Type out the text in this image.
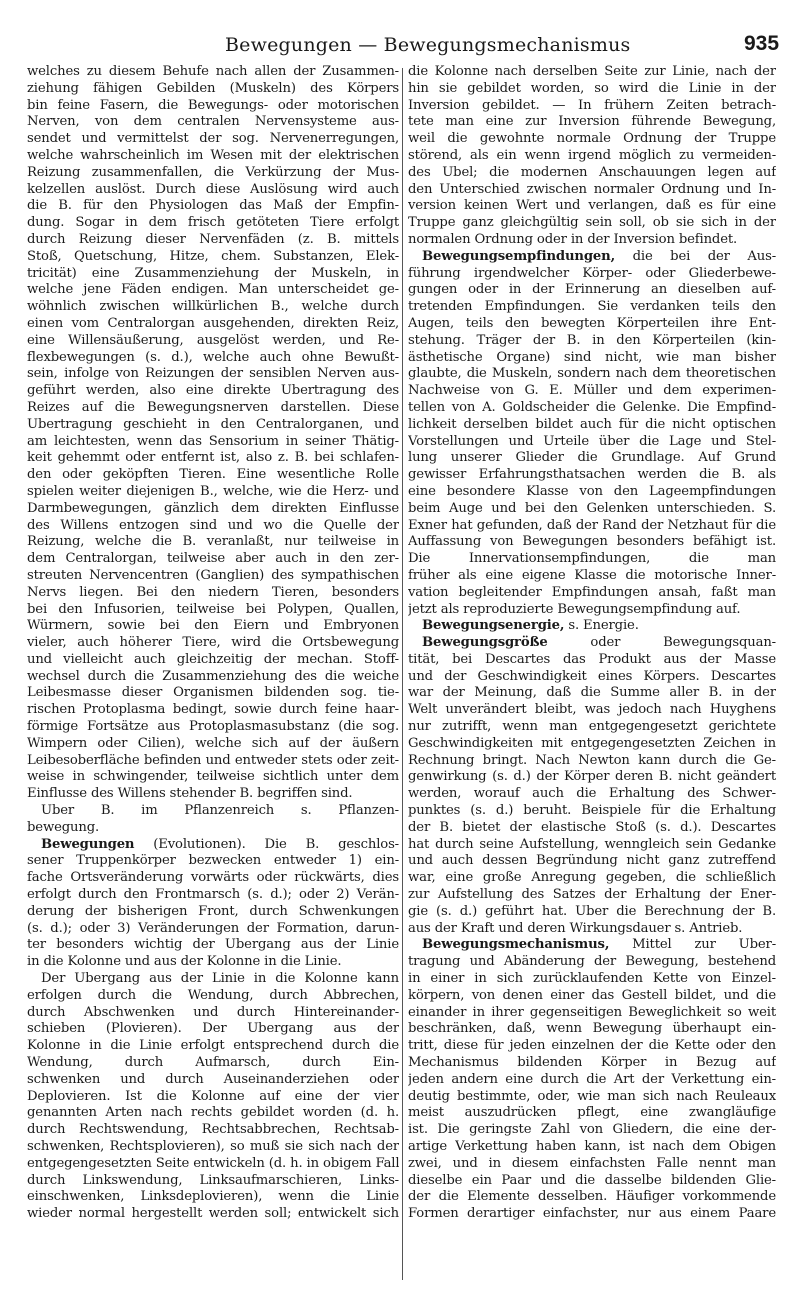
Bewegungen — Bewegungsmechanismus	935
welches zu diesem Behufe nach allen der Zusammen-
ziehung fähigen Gebilden (Muskeln) des Körpers
bin feine Fasern, die Bewegungs- oder motorischen
Nerven, von dem centralen Nervensysteme aus-
sendet und vermittelst der sog. Nervenerregungen,
welche wahrscheinlich im Wesen mit der elektrischen
Reizung zusammenfallen, die Verkürzung der Mus-
kelzellen auslöst. Durch diese Auslösung wird auch
die B. für den Physiologen das Maß der Empfin-
dung. Sogar in dem frisch getöteten Tiere erfolgt
durch Reizung dieser Nervenfäden (z. B. mittels
Stoß, Quetschung, Hitze, chem. Substanzen, Elek-
tricität) eine Zusammenziehung der Muskeln, in
welche jene Fäden endigen. Man unterscheidet ge-
wöhnlich zwischen willkürlichen B., welche durch
einen vom Centralorgan ausgehenden, direkten Reiz,
eine Willensäußerung, ausgelöst werden, und Re-
flexbewegungen (s. d.), welche auch ohne Bewußt-
sein, infolge von Reizungen der sensiblen Nerven aus-
geführt werden, also eine direkte Übertragung des
Reizes auf die Bewegungsnerven darstellen. Diese
Übertragung geschieht in den Centralorganen, und
am leichtesten, wenn das Sensorium in seiner Thätig-
keit gehemmt oder entfernt ist, also z. B. bei schlafen-
den oder geköpften Tieren. Eine wesentliche Rolle
spielen weiter diejenigen B., welche, wie die Herz- und
Darmbewegungen, gänzlich dem direkten Einflusse
des Willens entzogen sind und wo die Quelle der
Reizung, welche die B. veranlaßt, nur teilweise in
dem Centralorgan, teilweise aber auch in den zer-
streuten Nervencentren (Ganglien) des sympathischen
Nervs liegen. Bei den niedern Tieren, besonders
bei den Infusorien, teilweise bei Polypen, Quallen,
Würmern, sowie bei den Eiern und Embryonen
vieler, auch höherer Tiere, wird die Ortsbewegung
und vielleicht auch gleichzeitig der mechan. Stoff-
wechsel durch die Zusammenziehung des die weiche
Leibesmasse dieser Organismen bildenden sog. tie-
rischen Protoplasma bedingt, sowie durch feine haar-
förmige Fortsätze aus Protoplasmasubstanz (die sog.
Wimpern oder Cilien), welche sich auf der äußern
Leibesoberfläche befinden und entweder stets oder zeit-
weise in schwingender, teilweise sichtlich unter dem
Einflusse des Willens stehender B. begriffen sind.
Über B. im Pflanzenreich s. Pflanzen-
bewegung.
Bewegungen (Evolutionen). Die B. geschlos-
sener Truppenkörper bezwecken entweder 1) ein-
fache Ortsveränderung vorwärts oder rückwärts, dies
erfolgt durch den Frontmarsch (s. d.); oder 2) Verän-
derung der bisherigen Front, durch Schwenkungen
(s. d.); oder 3) Veränderungen der Formation, darun-
ter besonders wichtig der Übergang aus der Linie
in die Kolonne und aus der Kolonne in die Linie.
Der Übergang aus der Linie in die Kolonne kann
erfolgen durch die Wendung, durch Abbrechen,
durch Abschwenken und durch Hintereinander-
schieben (Plovieren). Der Übergang aus der
Kolonne in die Linie erfolgt entsprechend durch die
Wendung, durch Aufmarsch, durch Ein-
schwenken und durch Auseinanderziehen oder
Deplovieren. Ist die Kolonne auf eine der vier
genannten Arten nach rechts gebildet worden (d. h.
durch Rechtswendung, Rechtsabbrechen, Rechtsab-
schwenken, Rechtsplovieren), so muß sie sich nach der
entgegengesetzten Seite entwickeln (d. h. in obigem Fall
durch Linkswendung, Linksaufmarschieren, Links-
einschwenken, Linksdeplovieren), wenn die Linie
wieder normal hergestellt werden soll; entwickelt sich
die Kolonne nach derselben Seite zur Linie, nach der
hin sie gebildet worden, so wird die Linie in der
Inversion gebildet. — In frühern Zeiten betrach-
tete man eine zur Inversion führende Bewegung,
weil die gewohnte normale Ordnung der Truppe
störend, als ein wenn irgend möglich zu vermeiden-
des Übel; die modernen Anschauungen legen auf
den Unterschied zwischen normaler Ordnung und In-
version keinen Wert und verlangen, daß es für eine
Truppe ganz gleichgültig sein soll, ob sie sich in der
normalen Ordnung oder in der Inversion befindet.
Bewegungsempfindungen, die bei der Aus-
führung irgendwelcher Körper- oder Gliederbewe-
gungen oder in der Erinnerung an dieselben auf-
tretenden Empfindungen. Sie verdanken teils den
Augen, teils den bewegten Körperteilen ihre Ent-
stehung. Träger der B. in den Körperteilen (kin-
ästhetische Organe) sind nicht, wie man bisher
glaubte, die Muskeln, sondern nach dem theoretischen
Nachweise von G. E. Müller und dem experimen-
tellen von A. Goldscheider die Gelenke. Die Empfind-
lichkeit derselben bildet auch für die nicht optischen
Vorstellungen und Urteile über die Lage und Stel-
lung unserer Glieder die Grundlage. Auf Grund
gewisser Erfahrungsthatsachen werden die B. als
eine besondere Klasse von den Lageempfindungen
beim Auge und bei den Gelenken unterschieden. S.
Exner hat gefunden, daß der Rand der Netzhaut für die
Auffassung von Bewegungen besonders befähigt ist.
Die Innervationsempfindungen, die man
früher als eine eigene Klasse die motorische Inner-
vation begleitender Empfindungen ansah, faßt man
jetzt als reproduzierte Bewegungsempfindung auf.
Bewegungsenergie, s. Energie.
Bewegungsgröße oder Bewegungsquan-
tität, bei Descartes das Produkt aus der Masse
und der Geschwindigkeit eines Körpers. Descartes
war der Meinung, daß die Summe aller B. in der
Welt unverändert bleibt, was jedoch nach Huyghens
nur zutrifft, wenn man entgegengesetzt gerichtete
Geschwindigkeiten mit entgegengesetzten Zeichen in
Rechnung bringt. Nach Newton kann durch die Ge-
genwirkung (s. d.) der Körper deren B. nicht geändert
werden, worauf auch die Erhaltung des Schwer-
punktes (s. d.) beruht. Beispiele für die Erhaltung
der B. bietet der elastische Stoß (s. d.). Descartes
hat durch seine Aufstellung, wenngleich sein Gedanke
und auch dessen Begründung nicht ganz zutreffend
war, eine große Anregung gegeben, die schließlich
zur Aufstellung des Satzes der Erhaltung der Ener-
gie (s. d.) geführt hat. Über die Berechnung der B.
aus der Kraft und deren Wirkungsdauer s. Antrieb.
Bewegungsmechanismus, Mittel zur Über-
tragung und Abänderung der Bewegung, bestehend
in einer in sich zurücklaufenden Kette von Einzel-
körpern, von denen einer das Gestell bildet, und die
einander in ihrer gegenseitigen Beweglichkeit so weit
beschränken, daß, wenn Bewegung überhaupt ein-
tritt, diese für jeden einzelnen der die Kette oder den
Mechanismus bildenden Körper in Bezug auf
jeden andern eine durch die Art der Verkettung ein-
deutig bestimmte, oder, wie man sich nach Reuleaux
meist auszudrücken pflegt, eine zwangläufige
ist. Die geringste Zahl von Gliedern, die eine der-
artige Verkettung haben kann, ist nach dem Obigen
zwei, und in diesem einfachsten Falle nennt man
dieselbe ein Paar und die dasselbe bildenden Glie-
der die Elemente desselben. Häufiger vorkommende
Formen derartiger einfachster, nur aus einem Paare
